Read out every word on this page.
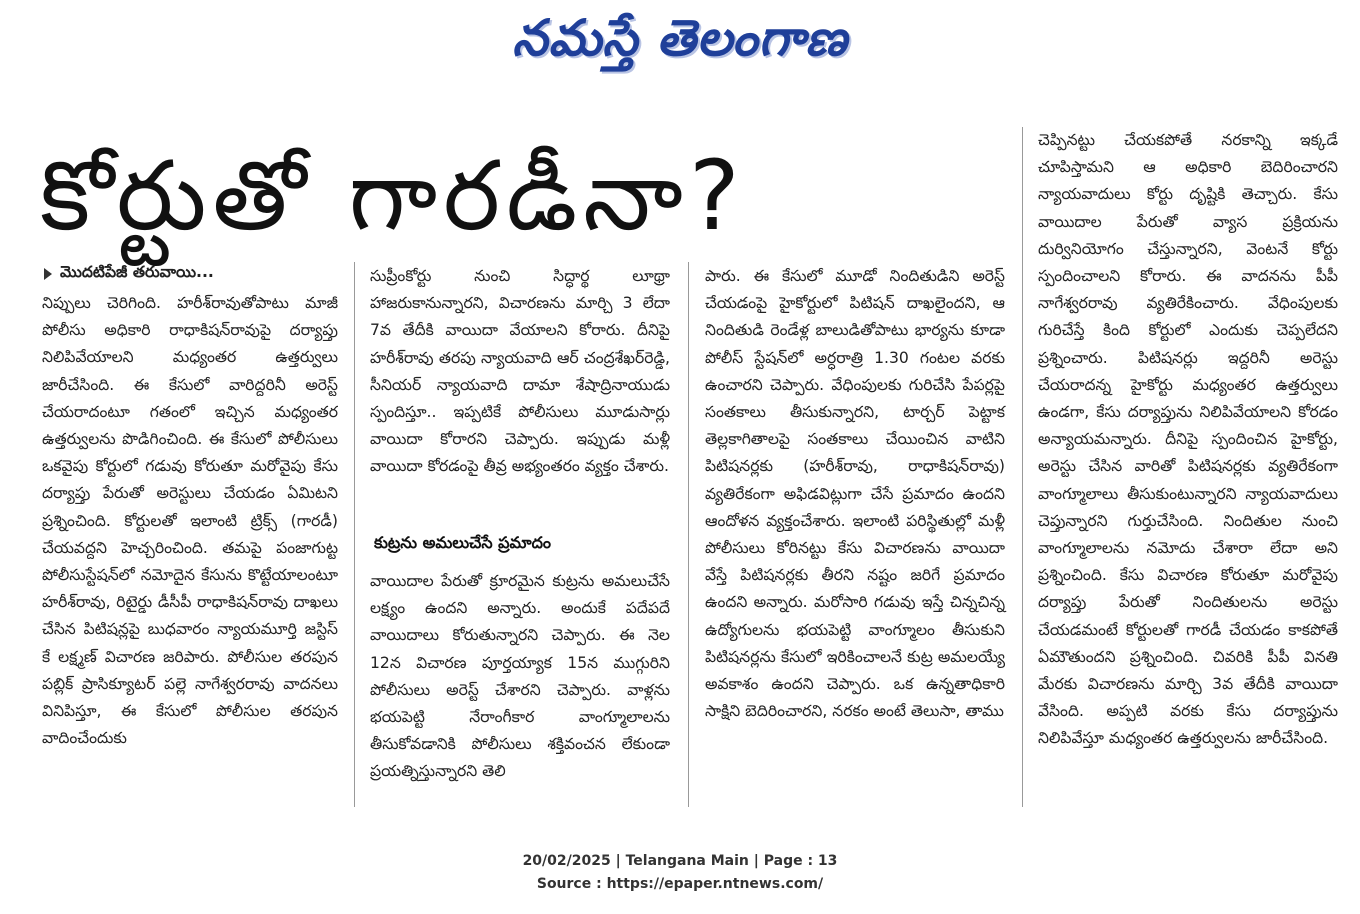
నమస్తే తెలంగాణ
కోర్టుతో గారడీనా?
మొదటిపేజీ తరువాయి...

నిప్పులు చెరిగింది. హరీశ్‌రావుతోపాటు మాజీ పోలీసు అధికారి రాధాకిషన్‌రావుపై దర్యాప్తు నిలిపివేయాలని మధ్యంతర ఉత్తర్వులు జారీచేసింది. ఈ కేసులో వారిద్దరినీ అరెస్ట్‌ చేయరాదంటూ గతంలో ఇచ్చిన మధ్యంతర ఉత్తర్వులను పొడిగించింది. ఈ కేసులో పోలీసులు ఒకవైపు కోర్టులో గడువు కోరుతూ మరోవైపు కేసు దర్యాప్తు పేరుతో అరెస్టులు చేయడం ఏమిటని ప్రశ్నించింది. కోర్టులతో ఇలాంటి ట్రిక్స్‌ (గారడీ) చేయవద్దని హెచ్చరించింది. తమపై పంజాగుట్ట పోలీసుస్టేషన్‌లో నమోదైన కేసును కొట్టేయాలంటూ హరీశ్‌రావు, రిటైర్డు డీసీపీ రాధాకిషన్‌రావు దాఖలు చేసిన పిటిషన్లపై బుధవారం న్యాయమూర్తి జస్టిస్‌ కే లక్ష్మణ్‌ విచారణ జరిపారు. పోలీసుల తరపున పబ్లిక్‌ ప్రాసిక్యూటర్‌ పల్లె నాగేశ్వరరావు వాదనలు వినిపిస్తూ, ఈ కేసులో పోలీసుల తరపున వాదించేందుకు

సుప్రీంకోర్టు నుంచి సిద్ధార్థ లూథ్రా హాజరుకానున్నారని, విచారణను మార్చి 3 లేదా 7వ తేదీకి వాయిదా వేయాలని కోరారు. దీనిపై హరీశ్‌రావు తరపు న్యాయవాది ఆర్‌ చంద్రశేఖర్‌రెడ్డి, సీనియర్‌ న్యాయవాది దామా శేషాద్రినాయుడు స్పందిస్తూ.. ఇప్పటికే పోలీసులు మూడుసార్లు వాయిదా కోరారని చెప్పారు. ఇప్పుడు మళ్లీ వాయిదా కోరడంపై తీవ్ర అభ్యంతరం వ్యక్తం చేశారు.

కుట్రను అమలుచేసే ప్రమాదం

వాయిదాల పేరుతో క్రూరమైన కుట్రను అమలుచేసే లక్ష్యం ఉందని అన్నారు. అందుకే పదేపదే వాయిదాలు కోరుతున్నారని చెప్పారు. ఈ నెల 12న విచారణ పూర్తయ్యాక 15న ముగ్గురిని పోలీసులు అరెస్ట్‌ చేశారని చెప్పారు. వాళ్లను భయపెట్టి నేరాంగీకార వాంగ్మూలాలను తీసుకోవడానికి పోలీసులు శక్తివంచన లేకుండా ప్రయత్నిస్తున్నారని తెలి

పారు. ఈ కేసులో మూడో నిందితుడిని అరెస్ట్‌ చేయడంపై హైకోర్టులో పిటిషన్‌ దాఖలైందని, ఆ నిందితుడి రెండేళ్ల బాలుడితోపాటు భార్యను కూడా పోలీస్‌ స్టేషన్‌లో అర్ధరాత్రి 1.30 గంటల వరకు ఉంచారని చెప్పారు. వేధింపులకు గురిచేసి పేపర్లపై సంతకాలు తీసుకున్నారని, టార్చర్‌ పెట్టాక తెల్లకాగితాలపై సంతకాలు చేయించిన వాటిని పిటిషనర్లకు (హరీశ్‌రావు, రాధాకిషన్‌రావు) వ్యతిరేకంగా అఫిడవిట్లుగా చేసే ప్రమాదం ఉందని ఆందోళన వ్యక్తంచేశారు. ఇలాంటి పరిస్థితుల్లో మళ్లీ పోలీసులు కోరినట్టు కేసు విచారణను వాయిదా వేస్తే పిటిషనర్లకు తీరని నష్టం జరిగే ప్రమాదం ఉందని అన్నారు. మరోసారి గడువు ఇస్తే చిన్నచిన్న ఉద్యోగులను భయపెట్టి వాంగ్మూలం తీసుకుని పిటిషనర్లను కేసులో ఇరికించాలనే కుట్ర అమలయ్యే అవకాశం ఉందని చెప్పారు. ఒక ఉన్నతాధికారి సాక్షిని బెదిరించారని, నరకం అంటే తెలుసా, తాము

చెప్పినట్టు చేయకపోతే నరకాన్ని ఇక్కడే చూపిస్తామని ఆ అధికారి బెదిరించారని న్యాయవాదులు కోర్టు దృష్టికి తెచ్చారు. కేసు వాయిదాల పేరుతో వ్యాస ప్రక్రియను దుర్వినియోగం చేస్తున్నారని, వెంటనే కోర్టు స్పందించాలని కోరారు. ఈ వాదనను పీపీ నాగేశ్వరరావు వ్యతిరేకించారు. వేధింపులకు గురిచేస్తే కింది కోర్టులో ఎందుకు చెప్పలేదని ప్రశ్నించారు. పిటిషనర్లు ఇద్దరినీ అరెస్టు చేయరాదన్న హైకోర్టు మధ్యంతర ఉత్తర్వులు ఉండగా, కేసు దర్యాప్తును నిలిపివేయాలని కోరడం అన్యాయమన్నారు. దీనిపై స్పందించిన హైకోర్టు, అరెస్టు చేసిన వారితో పిటిషనర్లకు వ్యతిరేకంగా వాంగ్మూలాలు తీసుకుంటున్నారని న్యాయవాదులు చెప్తున్నారని గుర్తుచేసింది. నిందితుల నుంచి వాంగ్మూలాలను నమోదు చేశారా లేదా అని ప్రశ్నించింది. కేసు విచారణ కోరుతూ మరోవైపు దర్యాప్తు పేరుతో నిందితులను అరెస్టు చేయడమంటే కోర్టులతో గారడీ చేయడం కాకపోతే ఏమౌతుందని ప్రశ్నించింది. చివరికి పీపీ వినతి మేరకు విచారణను మార్చి 3వ తేదీకి వాయిదా వేసింది. అప్పటి వరకు కేసు దర్యాప్తును నిలిపివేస్తూ మధ్యంతర ఉత్తర్వులను జారీచేసింది.

20/02/2025 | Telangana Main | Page : 13
Source : https://epaper.ntnews.com/
